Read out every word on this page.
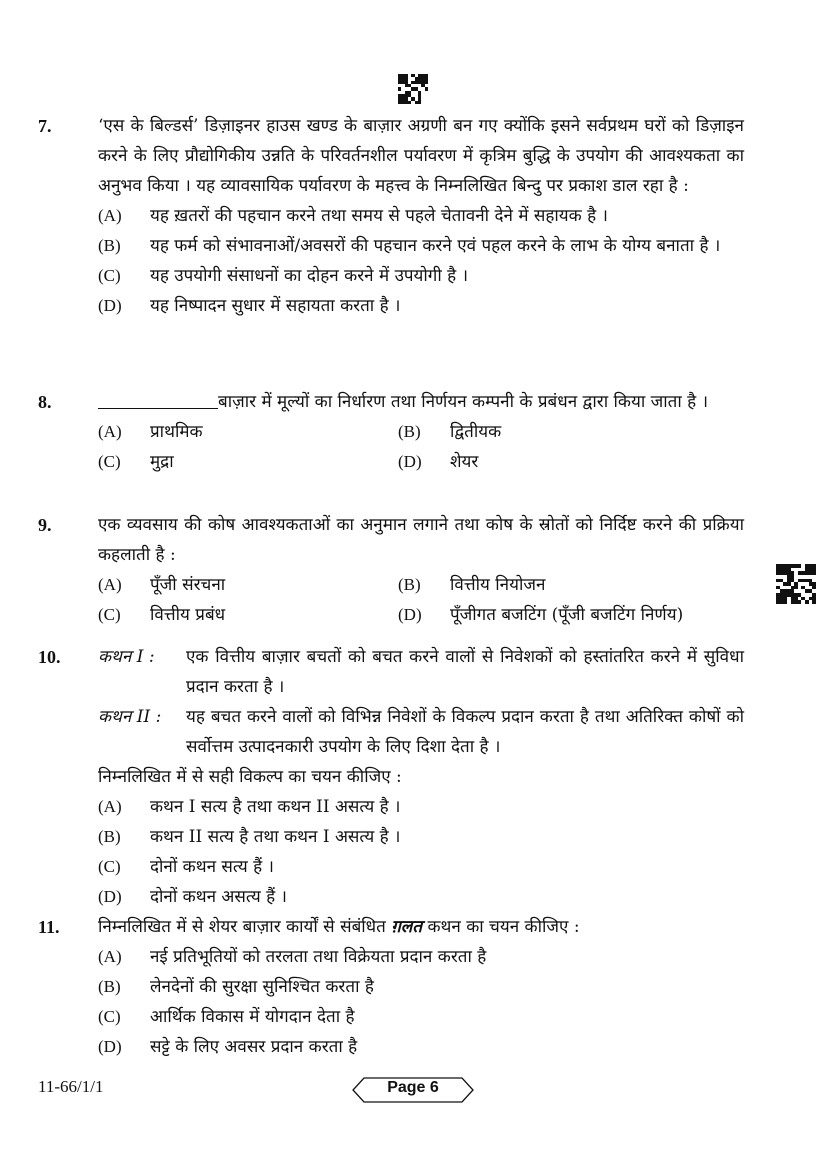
7.	‘एस के बिल्डर्स’ डिज़ाइनर हाउस खण्ड के बाज़ार अग्रणी बन गए क्योंकि इसने सर्वप्रथम घरों को डिज़ाइन करने के लिए प्रौद्योगिकीय उन्नति के परिवर्तनशील पर्यावरण में कृत्रिम बुद्धि के उपयोग की आवश्यकता का अनुभव किया । यह व्यावसायिक पर्यावरण के महत्त्व के निम्नलिखित बिन्दु पर प्रकाश डाल रहा है :
(A)	यह ख़तरों की पहचान करने तथा समय से पहले चेतावनी देने में सहायक है ।
(B)	यह फर्म को संभावनाओं/अवसरों की पहचान करने एवं पहल करने के लाभ के योग्य बनाता है ।
(C)	यह उपयोगी संसाधनों का दोहन करने में उपयोगी है ।
(D)	यह निष्पादन सुधार में सहायता करता है ।
8.	बाज़ार में मूल्यों का निर्धारण तथा निर्णयन कम्पनी के प्रबंधन द्वारा किया जाता है ।
(A)	प्राथमिक	(B)	द्वितीयक
(C)	मुद्रा	(D)	शेयर
9.	एक व्यवसाय की कोष आवश्यकताओं का अनुमान लगाने तथा कोष के स्रोतों को निर्दिष्ट करने की प्रक्रिया कहलाती है :
(A)	पूँजी संरचना	(B)	वित्तीय नियोजन
(C)	वित्तीय प्रबंध	(D)	पूँजीगत बजटिंग (पूँजी बजटिंग निर्णय)
10. कथन I :	एक वित्तीय बाज़ार बचतों को बचत करने वालों से निवेशकों को हस्तांतरित करने में सुविधा प्रदान करता है ।
कथन II :	यह बचत करने वालों को विभिन्न निवेशों के विकल्प प्रदान करता है तथा अतिरिक्त कोषों को सर्वोत्तम उत्पादनकारी उपयोग के लिए दिशा देता है ।
निम्नलिखित में से सही विकल्प का चयन कीजिए :
(A)	कथन I सत्य है तथा कथन II असत्य है ।
(B)	कथन II सत्य है तथा कथन I असत्य है ।
(C)	दोनों कथन सत्य हैं ।
(D)	दोनों कथन असत्य हैं ।
11. निम्नलिखित में से शेयर बाज़ार कार्यों से संबंधित ग़लत कथन का चयन कीजिए :
(A)	नई प्रतिभूतियों को तरलता तथा विक्रेयता प्रदान करता है
(B)	लेनदेनों की सुरक्षा सुनिश्चित करता है
(C)	आर्थिक विकास में योगदान देता है
(D)	सट्टे के लिए अवसर प्रदान करता है
11-66/1/1	Page 6
